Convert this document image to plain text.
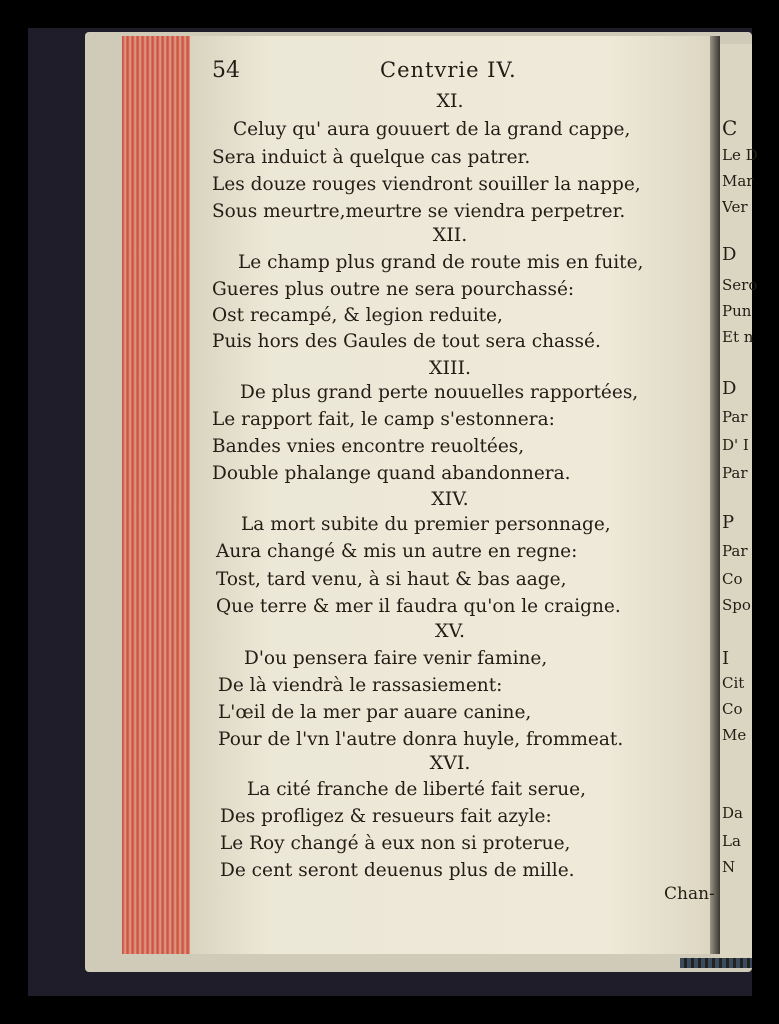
C
Le D
Mar
Ver
D
Sero
Pun
Et n
D
Par
D' I
Par
P
Par
Co
Spo
I
Cit
Co
Me
Da
La
N
54	Centvrie IV.
XI.
Celuy qu' aura gouuert de la grand cappe,
Sera induict à quelque cas patrer.
Les douze rouges viendront souiller la nappe,
Sous meurtre,meurtre se viendra perpetrer.
XII.
Le champ plus grand de route mis en fuite,
Gueres plus outre ne sera pourchassé:
Ost recampé, & legion reduite,
Puis hors des Gaules de tout sera chassé.
XIII.
De plus grand perte nouuelles rapportées,
Le rapport fait, le camp s'estonnera:
Bandes vnies encontre reuoltées,
Double phalange quand abandonnera.
XIV.
La mort subite du premier personnage,
Aura changé & mis un autre en regne:
Tost, tard venu, à si haut & bas aage,
Que terre & mer il faudra qu'on le craigne.
XV.
D'ou pensera faire venir famine,
De là viendrà le rassasiement:
L'œil de la mer par auare canine,
Pour de l'vn l'autre donra huyle, frommeat.
XVI.
La cité franche de liberté fait serue,
Des profligez & resueurs fait azyle:
Le Roy changé à eux non si proterue,
De cent seront deuenus plus de mille.
Chan-
